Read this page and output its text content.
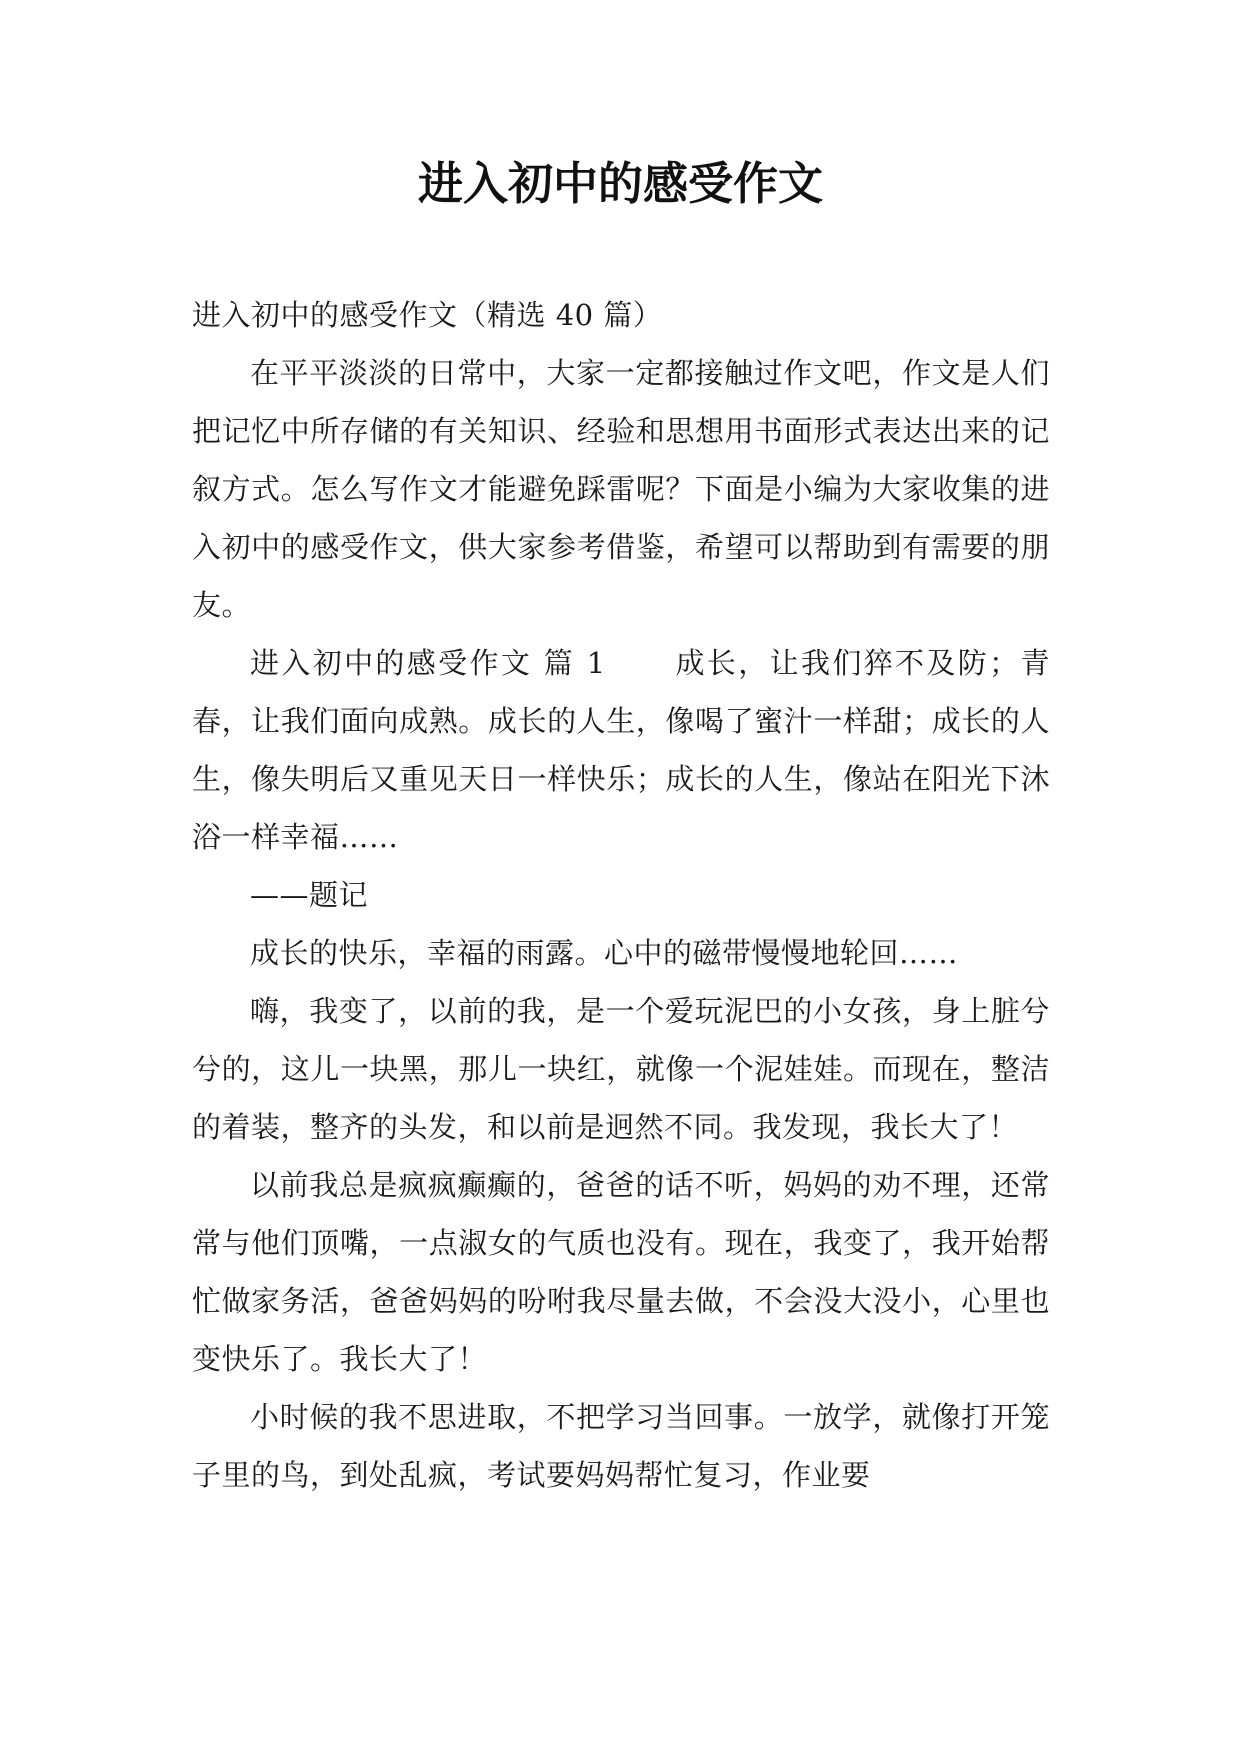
进入初中的感受作文

进入初中的感受作文（精选 40 篇）

在平平淡淡的日常中，大家一定都接触过作文吧，作文是人们把记忆中所存储的有关知识、经验和思想用书面形式表达出来的记叙方式。怎么写作文才能避免踩雷呢？下面是小编为大家收集的进入初中的感受作文，供大家参考借鉴，希望可以帮助到有需要的朋友。

进入初中的感受作文 篇 1 成长，让我们猝不及防；青春，让我们面向成熟。成长的人生，像喝了蜜汁一样甜；成长的人生，像失明后又重见天日一样快乐；成长的人生，像站在阳光下沐浴一样幸福……

——题记

成长的快乐，幸福的雨露。心中的磁带慢慢地轮回……

嗨，我变了，以前的我，是一个爱玩泥巴的小女孩，身上脏兮兮的，这儿一块黑，那儿一块红，就像一个泥娃娃。而现在，整洁的着装，整齐的头发，和以前是迥然不同。我发现，我长大了！

以前我总是疯疯癫癫的，爸爸的话不听，妈妈的劝不理，还常常与他们顶嘴，一点淑女的气质也没有。现在，我变了，我开始帮忙做家务活，爸爸妈妈的吩咐我尽量去做，不会没大没小，心里也变快乐了。我长大了！

小时候的我不思进取，不把学习当回事。一放学，就像打开笼子里的鸟，到处乱疯，考试要妈妈帮忙复习，作业要
